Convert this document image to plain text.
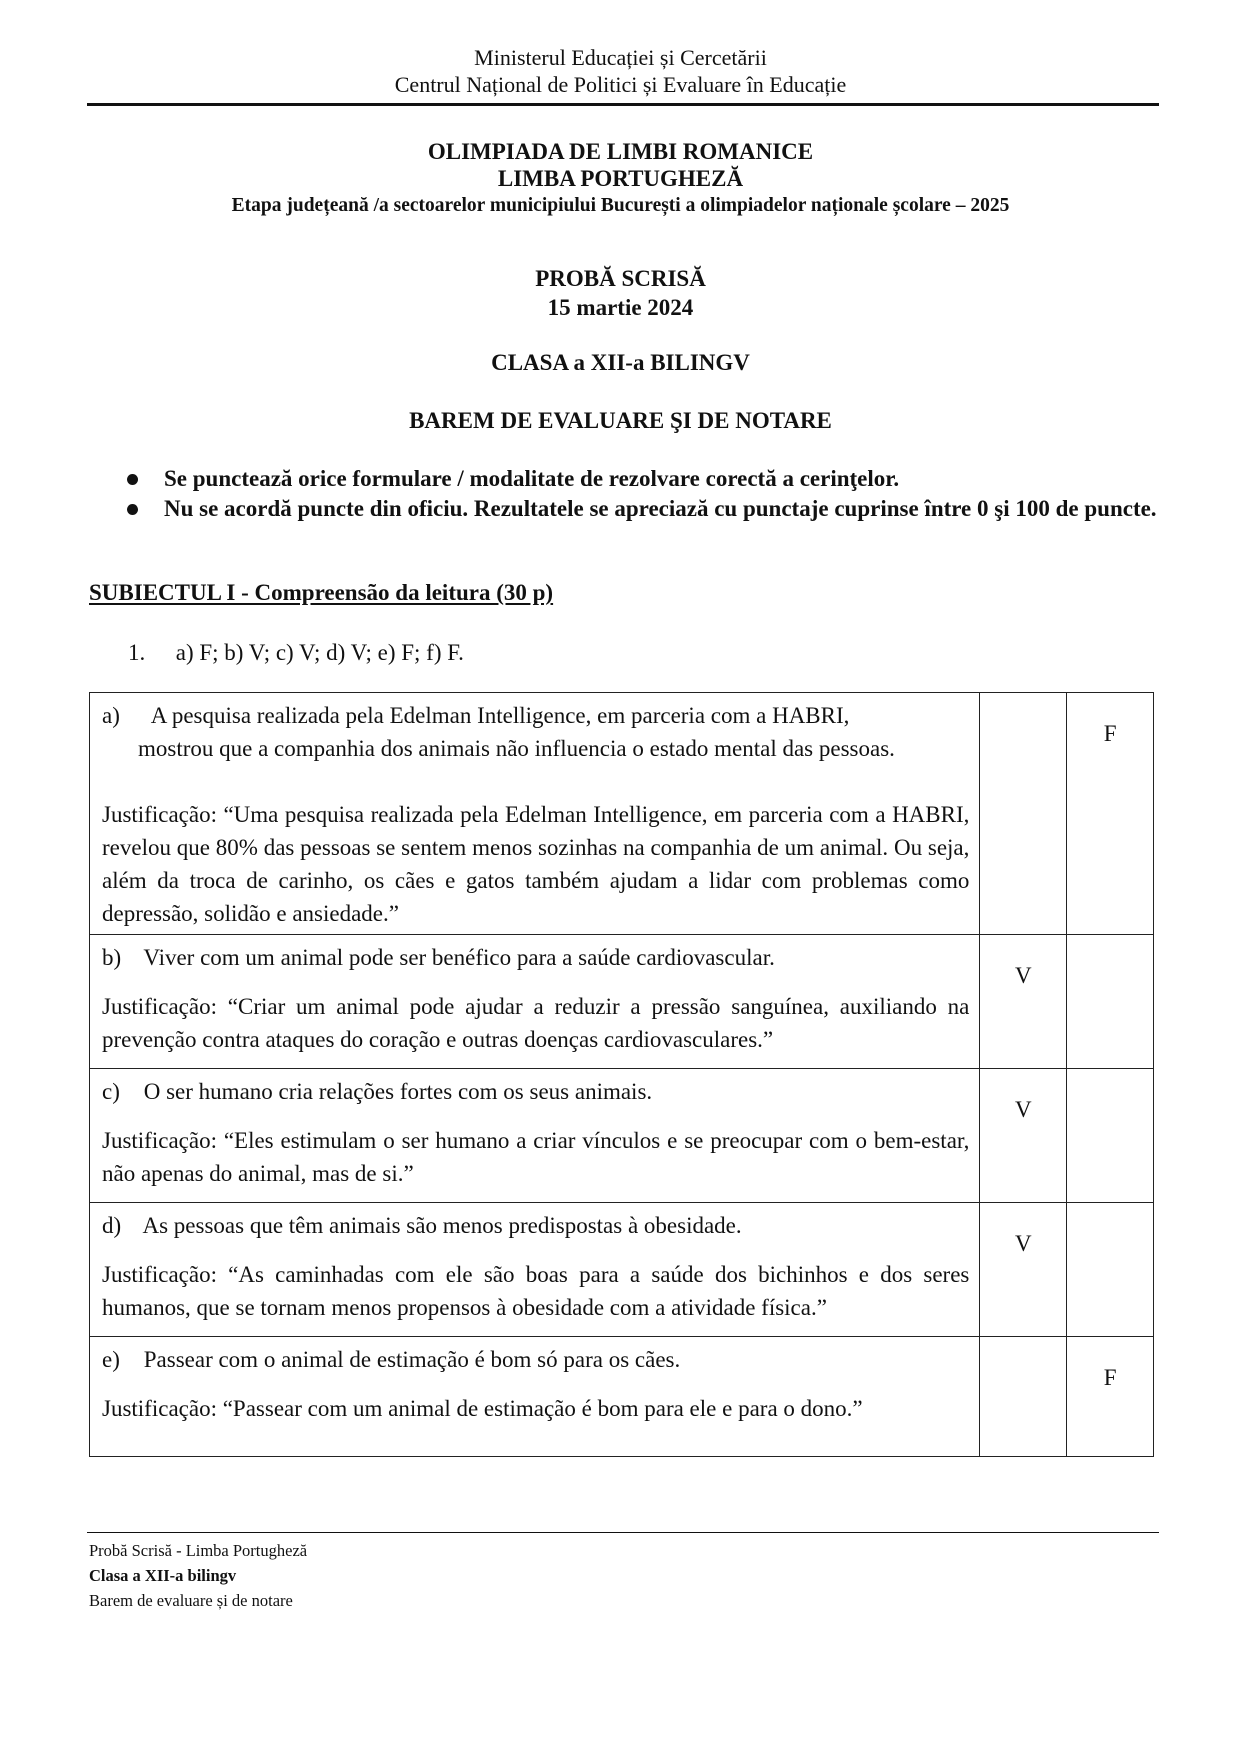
Ministerul Educației și Cercetării
Centrul Național de Politici și Evaluare în Educație
OLIMPIADA DE LIMBI ROMANICE
LIMBA PORTUGHEZĂ
Etapa județeană /a sectoarelor municipiului București a olimpiadelor naționale școlare – 2025
PROBĂ SCRISĂ
15 martie 2024
CLASA a XII-a BILINGV
BAREM DE EVALUARE ŞI DE NOTARE
Se punctează orice formulare / modalitate de rezolvare corectă a cerinţelor.
Nu se acordă puncte din oficiu. Rezultatele se apreciază cu punctaje cuprinse între 0 şi 100 de puncte.
SUBIECTUL I - Compreensão da leitura (30 p)
1. a) F; b) V; c) V; d) V; e) F; f) F.
a) A pesquisa realizada pela Edelman Intelligence, em parceria com a HABRI,
mostrou que a companhia dos animais não influencia o estado mental das pessoas.
Justificação: “Uma pesquisa realizada pela Edelman Intelligence, em parceria com a HABRI, revelou que 80% das pessoas se sentem menos sozinhas na companhia de um animal. Ou seja, além da troca de carinho, os cães e gatos também ajudam a lidar com problemas como depressão, solidão e ansiedade.”		F

b) Viver com um animal pode ser benéfico para a saúde cardiovascular.
Justificação: “Criar um animal pode ajudar a reduzir a pressão sanguínea, auxiliando na prevenção contra ataques do coração e outras doenças cardiovasculares.”	V	

c) O ser humano cria relações fortes com os seus animais.
Justificação: “Eles estimulam o ser humano a criar vínculos e se preocupar com o bem-estar, não apenas do animal, mas de si.”	V	

d) As pessoas que têm animais são menos predispostas à obesidade.
Justificação: “As caminhadas com ele são boas para a saúde dos bichinhos e dos seres humanos, que se tornam menos propensos à obesidade com a atividade física.”	V	

e) Passear com o animal de estimação é bom só para os cães.
Justificação: “Passear com um animal de estimação é bom para ele e para o dono.”		F
Probă Scrisă - Limba Portugheză
Clasa a XII-a bilingv
Barem de evaluare și de notare
